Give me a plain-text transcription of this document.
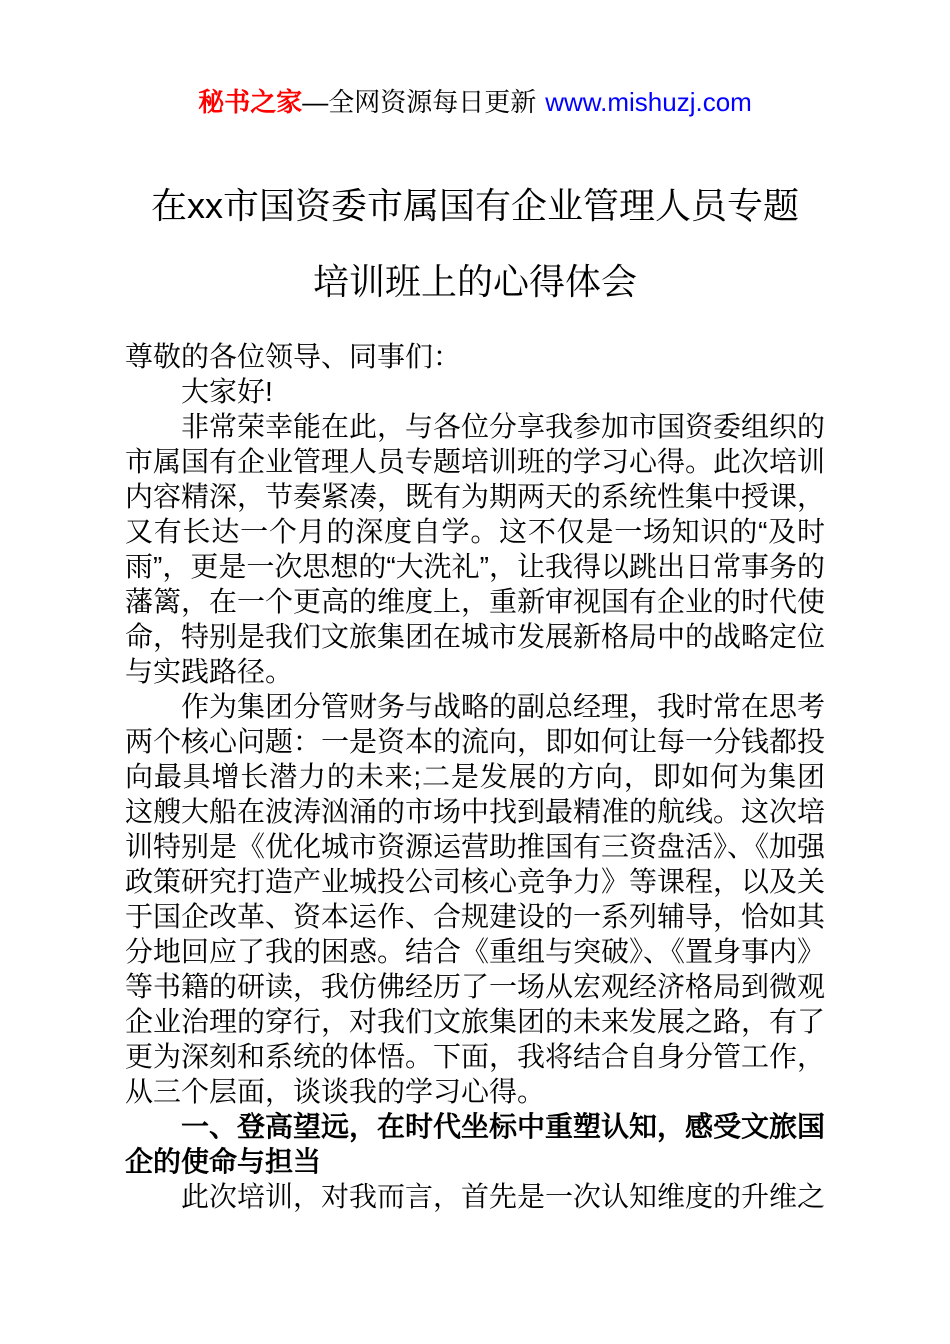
秘书之家—全网资源每日更新 www.mishuzj.com
在xx市国资委市属国有企业管理人员专题
培训班上的心得体会

尊敬的各位领导、同事们：

大家好!

非常荣幸能在此，与各位分享我参加市国资委组织的市属国有企业管理人员专题培训班的学习心得。此次培训内容精深，节奏紧凑，既有为期两天的系统性集中授课，又有长达一个月的深度自学。这不仅是一场知识的“及时雨”，更是一次思想的“大洗礼”，让我得以跳出日常事务的藩篱，在一个更高的维度上，重新审视国有企业的时代使命，特别是我们文旅集团在城市发展新格局中的战略定位与实践路径。

作为集团分管财务与战略的副总经理，我时常在思考两个核心问题：一是资本的流向，即如何让每一分钱都投向最具增长潜力的未来;二是发展的方向，即如何为集团这艘大船在波涛汹涌的市场中找到最精准的航线。这次培训特别是《优化城市资源运营助推国有三资盘活》、《加强政策研究打造产业城投公司核心竞争力》等课程，以及关于国企改革、资本运作、合规建设的一系列辅导，恰如其分地回应了我的困惑。结合《重组与突破》、《置身事内》等书籍的研读，我仿佛经历了一场从宏观经济格局到微观企业治理的穿行，对我们文旅集团的未来发展之路，有了更为深刻和系统的体悟。下面，我将结合自身分管工作，从三个层面，谈谈我的学习心得。

一、登高望远，在时代坐标中重塑认知，感受文旅国企的使命与担当

此次培训，对我而言，首先是一次认知维度的升维之
